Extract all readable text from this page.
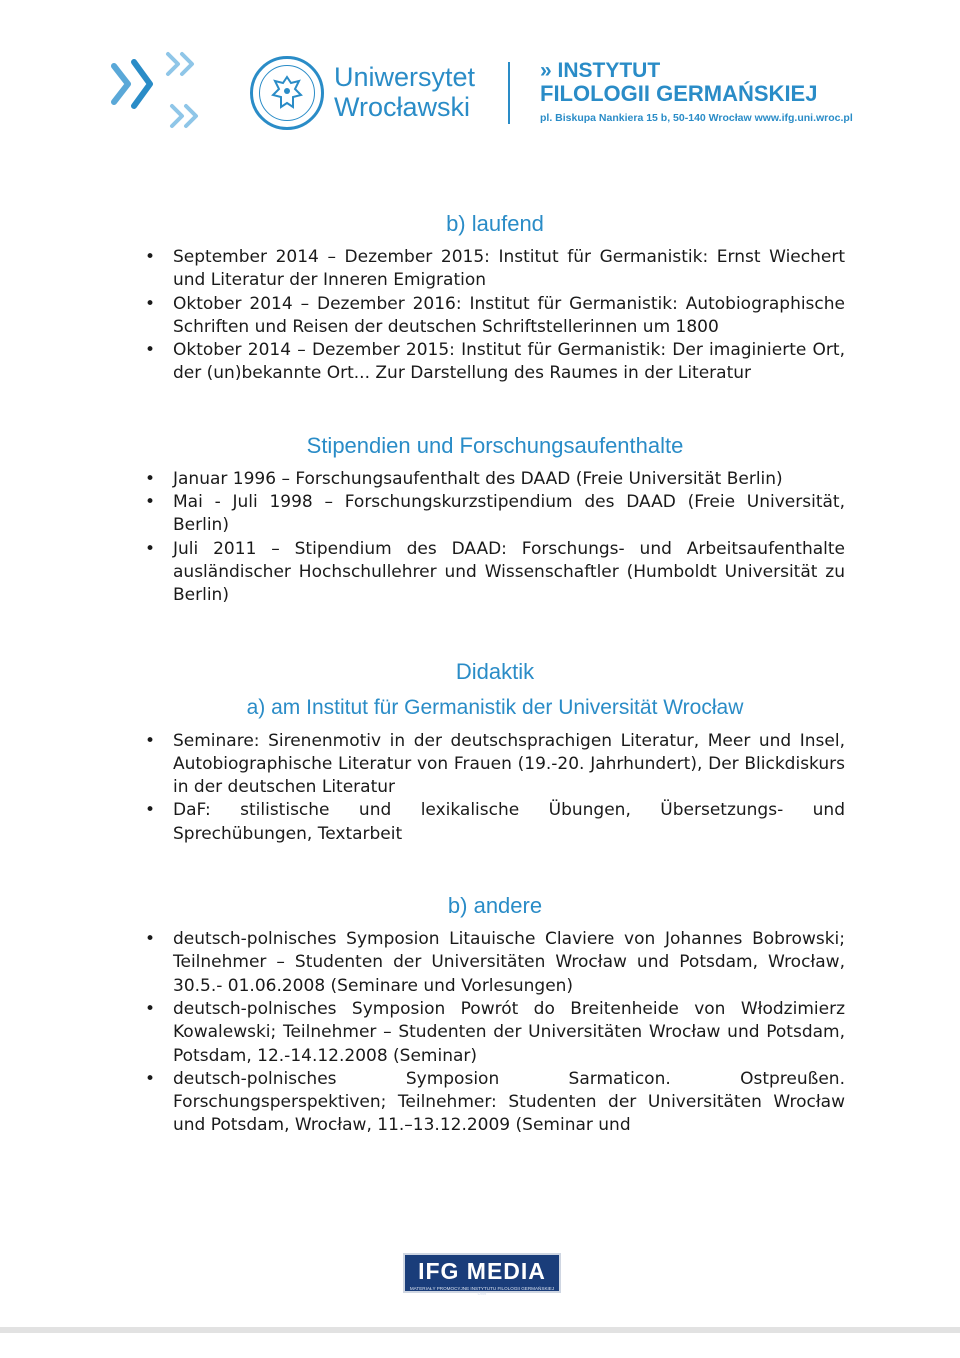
Uniwersytet
Wrocławski
» INSTYTUT
FILOLOGII GERMAŃSKIEJ
pl. Biskupa Nankiera 15 b, 50-140 Wrocław www.ifg.uni.wroc.pl
b) laufend
• September 2014 – Dezember 2015: Institut für Germanistik: Ernst Wiechert und Literatur der Inneren Emigration
• Oktober 2014 – Dezember 2016: Institut für Germanistik: Autobiographische Schriften und Reisen der deutschen Schriftstellerinnen um 1800
• Oktober 2014 – Dezember 2015: Institut für Germanistik: Der imaginierte Ort, der (un)bekannte Ort... Zur Darstellung des Raumes in der Literatur
Stipendien und Forschungsaufenthalte
• Januar 1996 – Forschungsaufenthalt des DAAD (Freie Universität Berlin)
• Mai - Juli 1998 – Forschungskurzstipendium des DAAD (Freie Universität, Berlin)
• Juli 2011 – Stipendium des DAAD: Forschungs- und Arbeitsaufenthalte ausländischer Hochschullehrer und Wissenschaftler (Humboldt Universität zu Berlin)
Didaktik
a) am Institut für Germanistik der Universität Wrocław
• Seminare: Sirenenmotiv in der deutschsprachigen Literatur, Meer und Insel, Autobiographische Literatur von Frauen (19.-20. Jahrhundert), Der Blickdiskurs in der deutschen Literatur
• DaF: stilistische und lexikalische Übungen, Übersetzungs- und Sprechübungen, Textarbeit
b) andere
• deutsch-polnisches Symposion Litauische Claviere von Johannes Bobrowski; Teilnehmer – Studenten der Universitäten Wrocław und Potsdam, Wrocław, 30.5.- 01.06.2008 (Seminare und Vorlesungen)
• deutsch-polnisches Symposion Powrót do Breitenheide von Włodzimierz Kowalewski; Teilnehmer – Studenten der Universitäten Wrocław und Potsdam, Potsdam, 12.-14.12.2008 (Seminar)
• deutsch-polnisches Symposion Sarmaticon. Ostpreußen. Forschungsperspektiven; Teilnehmer: Studenten der Universitäten Wrocław und Potsdam, Wrocław, 11.–13.12.2009 (Seminar und
IFG MEDIA
MATERIAŁY PROMOCYJNE INSTYTUTU FILOLOGII GERMAŃSKIEJ UWr
